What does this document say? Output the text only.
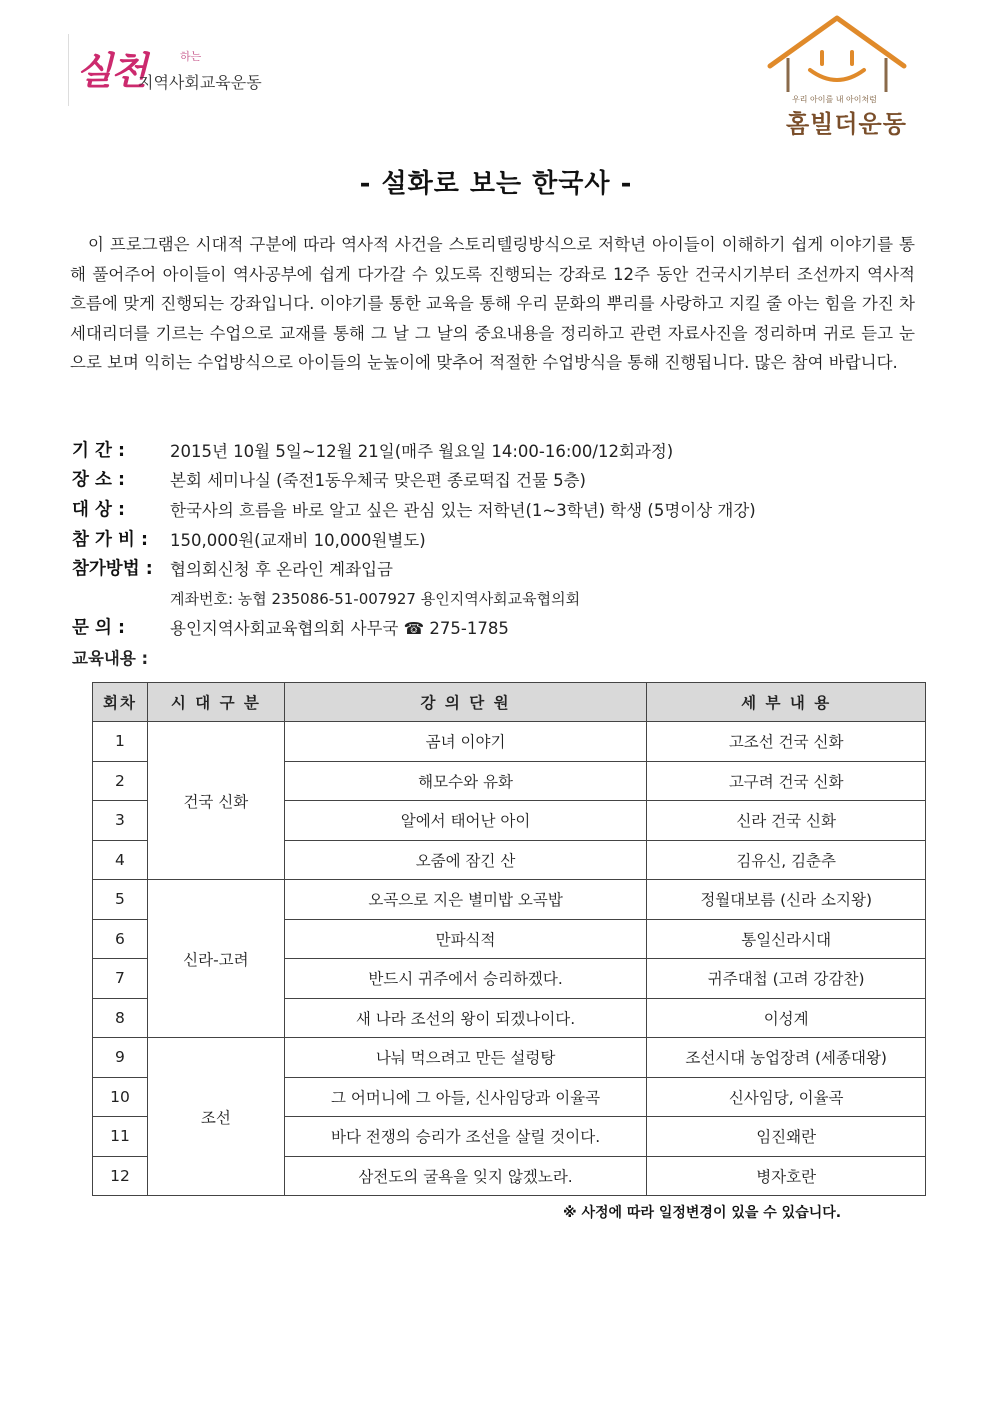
실천	하는
지역사회교육운동
우리 아이를 내 아이처럼
홈빌더운동
- 설화로 보는 한국사 -
이 프로그램은 시대적 구분에 따라 역사적 사건을 스토리텔링방식으로 저학년 아이들이 이해하기 쉽게 이야기를 통해 풀어주어 아이들이 역사공부에 쉽게 다가갈 수 있도록 진행되는 강좌로 12주 동안 건국시기부터 조선까지 역사적 흐름에 맞게 진행되는 강좌입니다. 이야기를 통한 교육을 통해 우리 문화의 뿌리를 사랑하고 지킬 줄 아는 힘을 가진 차세대리더를 기르는 수업으로 교재를 통해 그 날 그 날의 중요내용을 정리하고 관련 자료사진을 정리하며 귀로 듣고 눈으로 보며 익히는 수업방식으로 아이들의 눈높이에 맞추어 적절한 수업방식을 통해 진행됩니다. 많은 참여 바랍니다.
기 간 :	2015년 10월 5일~12월 21일(매주 월요일 14:00-16:00/12회과정)
장 소 :	본회 세미나실 (죽전1동우체국 맞은편 종로떡집 건물 5층)
대 상 :	한국사의 흐름을 바로 알고 싶은 관심 있는 저학년(1~3학년) 학생 (5명이상 개강)
참 가 비 : 150,000원(교재비 10,000원별도)
참가방법 : 협의회신청 후 온라인 계좌입금
계좌번호: 농협 235086-51-007927 용인지역사회교육협의회
문 의 :	용인지역사회교육협의회 사무국 ☎ 275-1785
교육내용 :
회차	시 대 구 분	강 의 단 원	세 부 내 용
1	건국 신화	곰녀 이야기	고조선 건국 신화
2		해모수와 유화	고구려 건국 신화
3		알에서 태어난 아이	신라 건국 신화
4		오줌에 잠긴 산	김유신, 김춘추
5	신라-고려	오곡으로 지은 별미밥 오곡밥	정월대보름 (신라 소지왕)
6		만파식적	통일신라시대
7		반드시 귀주에서 승리하겠다.	귀주대첩 (고려 강감찬)
8		새 나라 조선의 왕이 되겠나이다.	이성계
9	조선	나눠 먹으려고 만든 설렁탕	조선시대 농업장려 (세종대왕)
10		그 어머니에 그 아들, 신사임당과 이율곡	신사임당, 이율곡
11		바다 전쟁의 승리가 조선을 살릴 것이다.	임진왜란
12		삼전도의 굴욕을 잊지 않겠노라.	병자호란
※ 사정에 따라 일정변경이 있을 수 있습니다.
